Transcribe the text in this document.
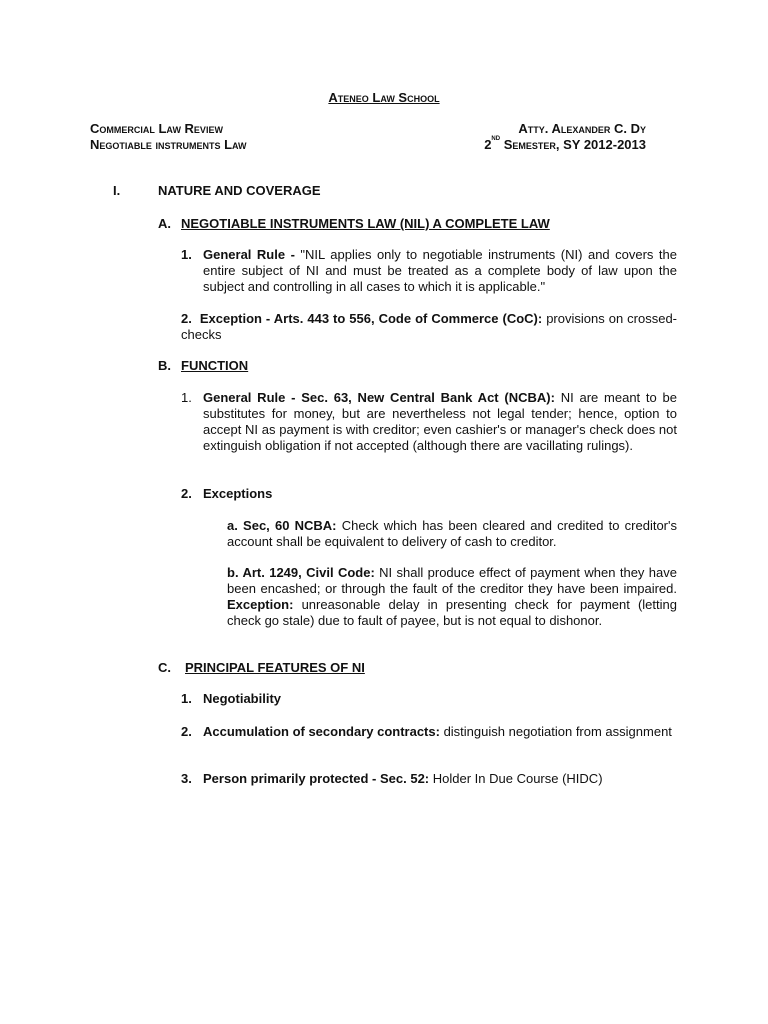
Ateneo Law School
Commercial Law Review
Negotiable instruments Law
Atty. Alexander C. Dy
2nd Semester, SY 2012-2013
I.	NATURE AND COVERAGE
A. NEGOTIABLE INSTRUMENTS LAW (NIL) A COMPLETE LAW
1. General Rule - "NIL applies only to negotiable instruments (NI) and covers the entire subject of NI and must be treated as a complete body of law upon the subject and controlling in all cases to which it is applicable."

2. Exception - Arts. 443 to 556, Code of Commerce (CoC): provisions on crossed-checks

B. FUNCTION
1. General Rule - Sec. 63, New Central Bank Act (NCBA): NI are meant to be substitutes for money, but are nevertheless not legal tender; hence, option to accept NI as payment is with creditor; even cashier's or manager's check does not extinguish obligation if not accepted (although there are vacillating rulings).

2. Exceptions

a. Sec, 60 NCBA: Check which has been cleared and credited to creditor's account shall be equivalent to delivery of cash to creditor.

b. Art. 1249, Civil Code: NI shall produce effect of payment when they have been encashed; or through the fault of the creditor they have been impaired. Exception: unreasonable delay in presenting check for payment (letting check go stale) due to fault of payee, but is not equal to dishonor.

C. PRINCIPAL FEATURES OF NI
1. Negotiability
2. Accumulation of secondary contracts: distinguish negotiation from assignment

3. Person primarily protected - Sec. 52: Holder In Due Course (HIDC)
